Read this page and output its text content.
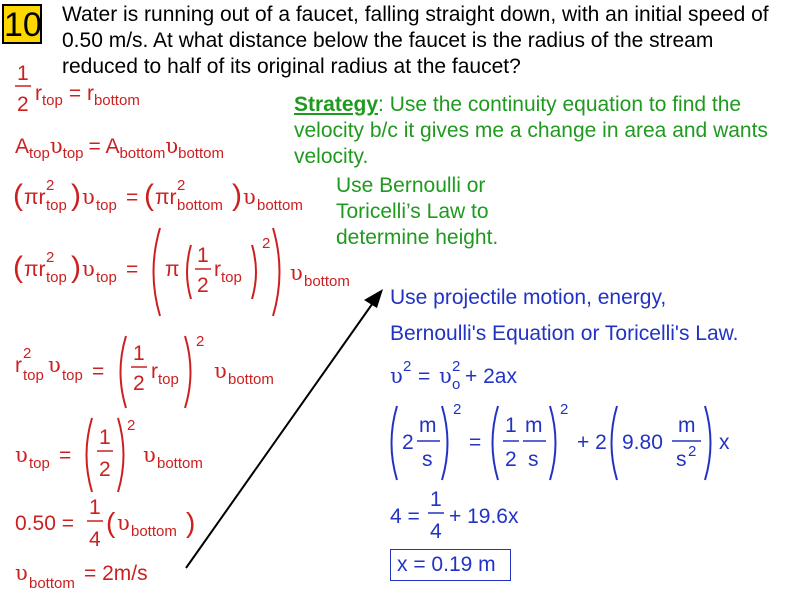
10 Water is running out of a faucet, falling straight down, with an initial speed of 0.50 m/s. At what distance below the faucet is the radius of the stream reduced to half of its original radius at the faucet?
Strategy: Use the continuity equation to find the velocity b/c it gives me a change in area and wants velocity.
Use Bernoulli or Toricelli’s Law to determine height.
Use projectile motion, energy,
Bernoulli's Equation or Toricelli's Law.
x = 0.19 m
1
2 $r_{top} = r_{bottom}$
$A_{top}\upsilon_{top} = A_{bottom}\upsilon_{bottom}$
( πr
2
top ) υ top = ( πr
2
bottom ) υ bottom
( πr
2
top ) υ top = π
1
2
r top
2
υ bottom
r
2
top υ top =
1
2
r top
2
υ bottom
υ top =
1
2
2
υ bottom
0.50 =
1
4
( υ bottom )
υ bottom = 2m/s
υ 2 = υ 2
o + 2ax
2
m
s
2
=
1
2
m
s
2
+ 2 9.80
m
s 2 x
4 =
1
4
+ 19.6x
